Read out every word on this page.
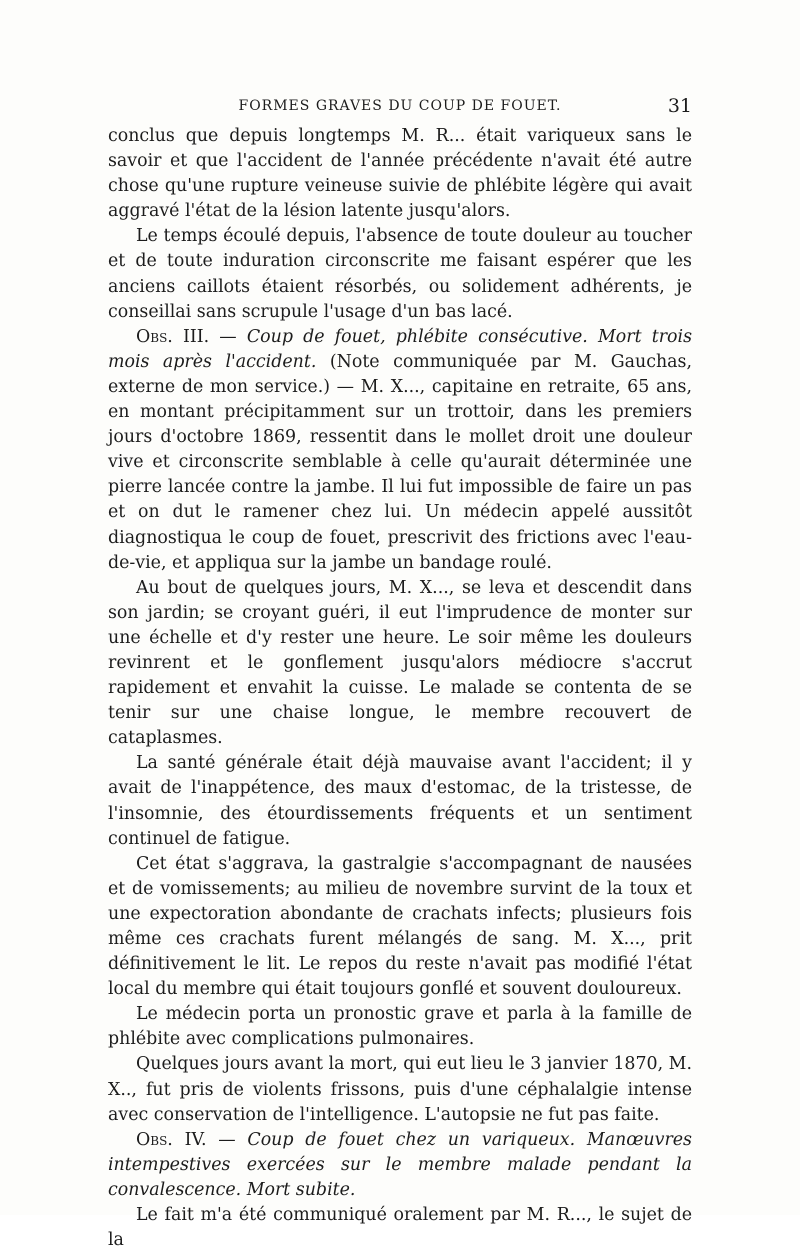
FORMES GRAVES DU COUP DE FOUET.	31

conclus que depuis longtemps M. R... était variqueux sans le savoir et que l'accident de l'année précédente n'avait été autre chose qu'une rupture veineuse suivie de phlébite légère qui avait aggravé l'état de la lésion latente jusqu'alors.

Le temps écoulé depuis, l'absence de toute douleur au toucher et de toute induration circonscrite me faisant espérer que les anciens caillots étaient résorbés, ou solidement adhérents, je conseillai sans scrupule l'usage d'un bas lacé.

Obs. III. — Coup de fouet, phlébite consécutive. Mort trois mois après l'accident. (Note communiquée par M. Gauchas, externe de mon service.) — M. X..., capitaine en retraite, 65 ans, en montant précipitamment sur un trottoir, dans les premiers jours d'octobre 1869, ressentit dans le mollet droit une douleur vive et circonscrite semblable à celle qu'aurait déterminée une pierre lancée contre la jambe. Il lui fut impossible de faire un pas et on dut le ramener chez lui. Un médecin appelé aussitôt diagnostiqua le coup de fouet, prescrivit des frictions avec l'eau-de-vie, et appliqua sur la jambe un bandage roulé.

Au bout de quelques jours, M. X..., se leva et descendit dans son jardin; se croyant guéri, il eut l'imprudence de monter sur une échelle et d'y rester une heure. Le soir même les douleurs revinrent et le gonflement jusqu'alors médiocre s'accrut rapidement et envahit la cuisse. Le malade se contenta de se tenir sur une chaise longue, le membre recouvert de cataplasmes.

La santé générale était déjà mauvaise avant l'accident; il y avait de l'inappétence, des maux d'estomac, de la tristesse, de l'insomnie, des étourdissements fréquents et un sentiment continuel de fatigue.

Cet état s'aggrava, la gastralgie s'accompagnant de nausées et de vomissements; au milieu de novembre survint de la toux et une expectoration abondante de crachats infects; plusieurs fois même ces crachats furent mélangés de sang. M. X..., prit définitivement le lit. Le repos du reste n'avait pas modifié l'état local du membre qui était toujours gonflé et souvent douloureux.

Le médecin porta un pronostic grave et parla à la famille de phlébite avec complications pulmonaires.

Quelques jours avant la mort, qui eut lieu le 3 janvier 1870, M. X.., fut pris de violents frissons, puis d'une céphalalgie intense avec conservation de l'intelligence. L'autopsie ne fut pas faite.

Obs. IV. — Coup de fouet chez un variqueux. Manœuvres intempestives exercées sur le membre malade pendant la convalescence. Mort subite.

Le fait m'a été communiqué oralement par M. R..., le sujet de la
